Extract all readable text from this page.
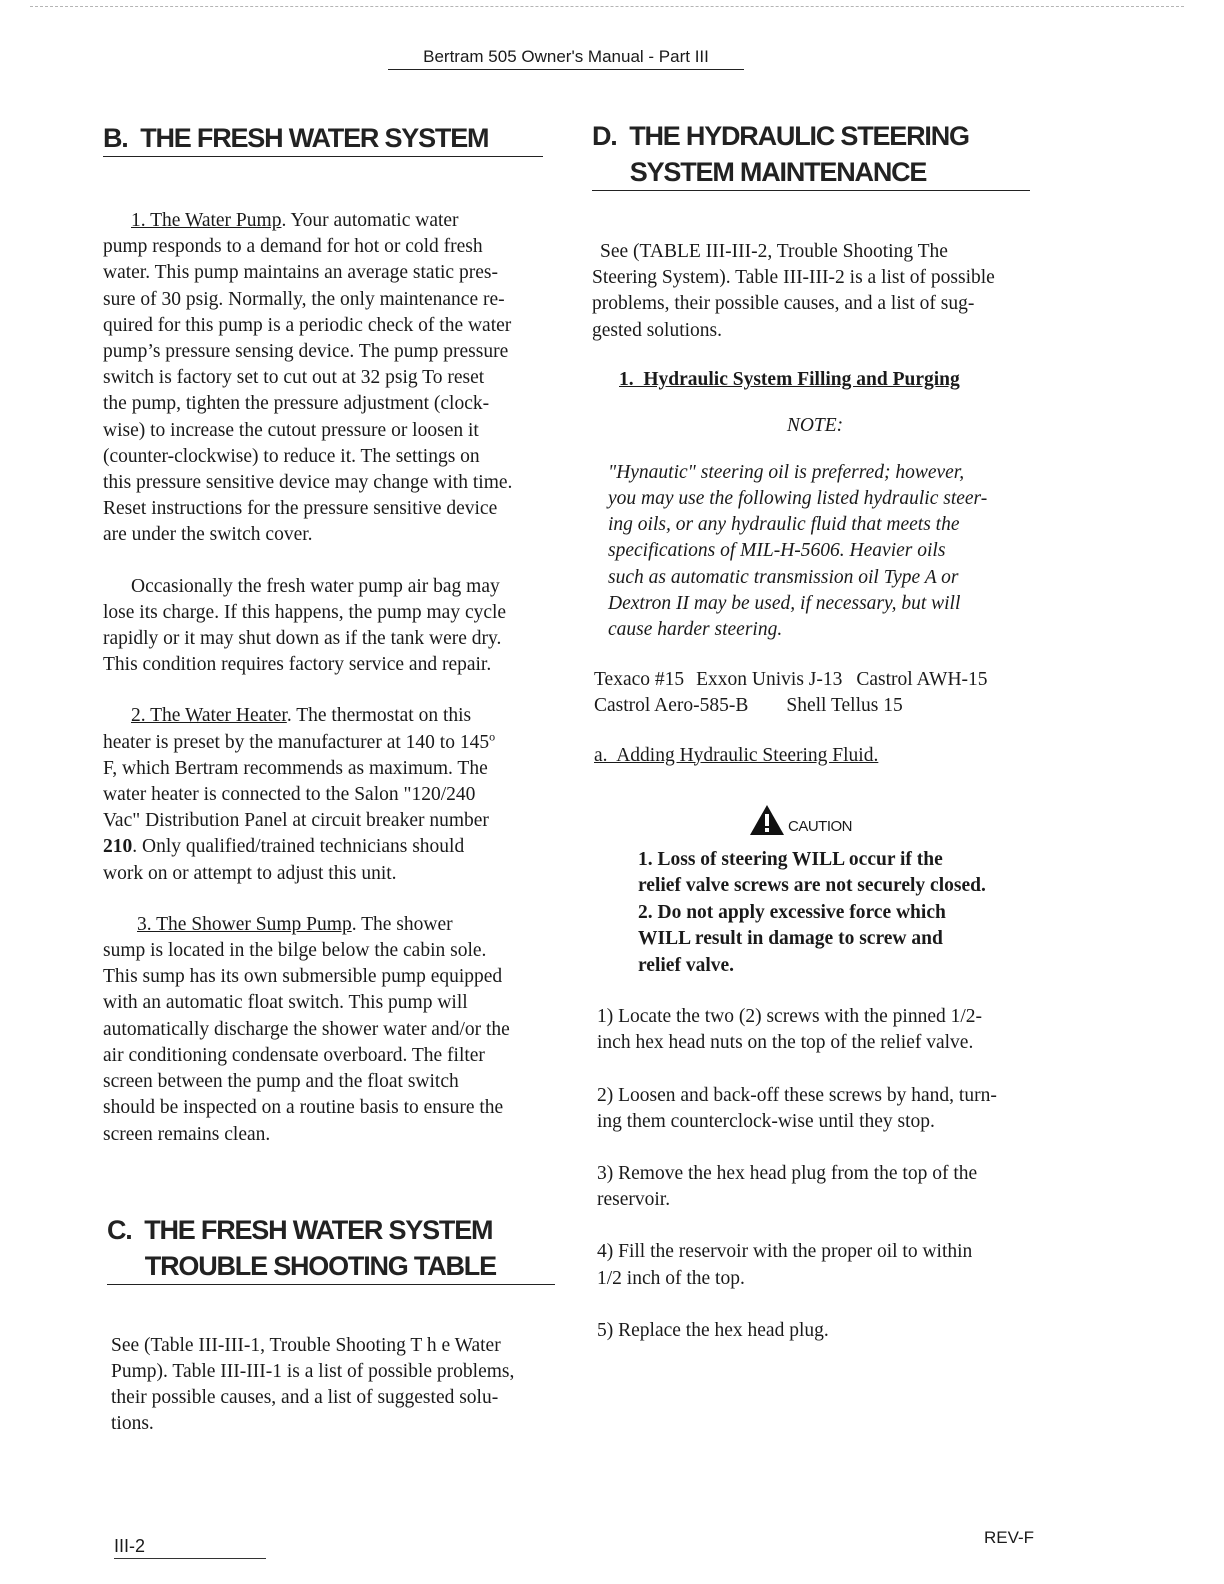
Bertram 505 Owner's Manual - Part III
B.  THE FRESH WATER SYSTEM

1. The Water Pump. Your automatic water

pump responds to a demand for hot or cold fresh

water. This pump maintains an average static pres-

sure of 30 psig. Normally, the only maintenance re-

quired for this pump is a periodic check of the water

pump’s pressure sensing device. The pump pressure

switch is factory set to cut out at 32 psig To reset

the pump, tighten the pressure adjustment (clock-

wise) to increase the cutout pressure or loosen it

(counter-clockwise) to reduce it. The settings on

this pressure sensitive device may change with time.

Reset instructions for the pressure sensitive device

are under the switch cover.

Occasionally the fresh water pump air bag may

lose its charge. If this happens, the pump may cycle

rapidly or it may shut down as if the tank were dry.

This condition requires factory service and repair.

2. The Water Heater. The thermostat on this

heater is preset by the manufacturer at 140 to 145$^o$

F, which Bertram recommends as maximum. The

water heater is connected to the Salon "120/240

Vac" Distribution Panel at circuit breaker number

210. Only qualified/trained technicians should

work on or attempt to adjust this unit.

3. The Shower Sump Pump. The shower

sump is located in the bilge below the cabin sole.

This sump has its own submersible pump equipped

with an automatic float switch. This pump will

automatically discharge the shower water and/or the

air conditioning condensate overboard. The filter

screen between the pump and the float switch

should be inspected on a routine basis to ensure the

screen remains clean.

C.  THE FRESH WATER SYSTEM
TROUBLE SHOOTING TABLE

See (Table III-III-1, Trouble Shooting T h e Water

Pump). Table III-III-1 is a list of possible problems,

their possible causes, and a list of suggested solu-

tions.

D.  THE HYDRAULIC STEERING
SYSTEM MAINTENANCE

See (TABLE III-III-2, Trouble Shooting The

Steering System). Table III-III-2 is a list of possible

problems, their possible causes, and a list of sug-

gested solutions.

1.  Hydraulic System Filling and Purging
NOTE:

"Hynautic" steering oil is preferred; however,

you may use the following listed hydraulic steer-

ing oils, or any hydraulic fluid that meets the

specifications of MIL-H-5606. Heavier oils

such as automatic transmission oil Type A or

Dextron II may be used, if necessary, but will

cause harder steering.

Texaco #15 Exxon Univis J-13 Castrol AWH-15
Castrol Aero-585-B Shell Tellus 15
a.  Adding Hydraulic Steering Fluid.
CAUTION
1. Loss of steering WILL occur if the
relief valve screws are not securely closed.
2. Do not apply excessive force which
WILL result in damage to screw and
relief valve.

1) Locate the two (2) screws with the pinned 1/2-

inch hex head nuts on the top of the relief valve.

2) Loosen and back-off these screws by hand, turn-

ing them counterclock-wise until they stop.

3) Remove the hex head plug from the top of the

reservoir.

4) Fill the reservoir with the proper oil to within

1/2 inch of the top.

5) Replace the hex head plug.

III-2	REV-F
